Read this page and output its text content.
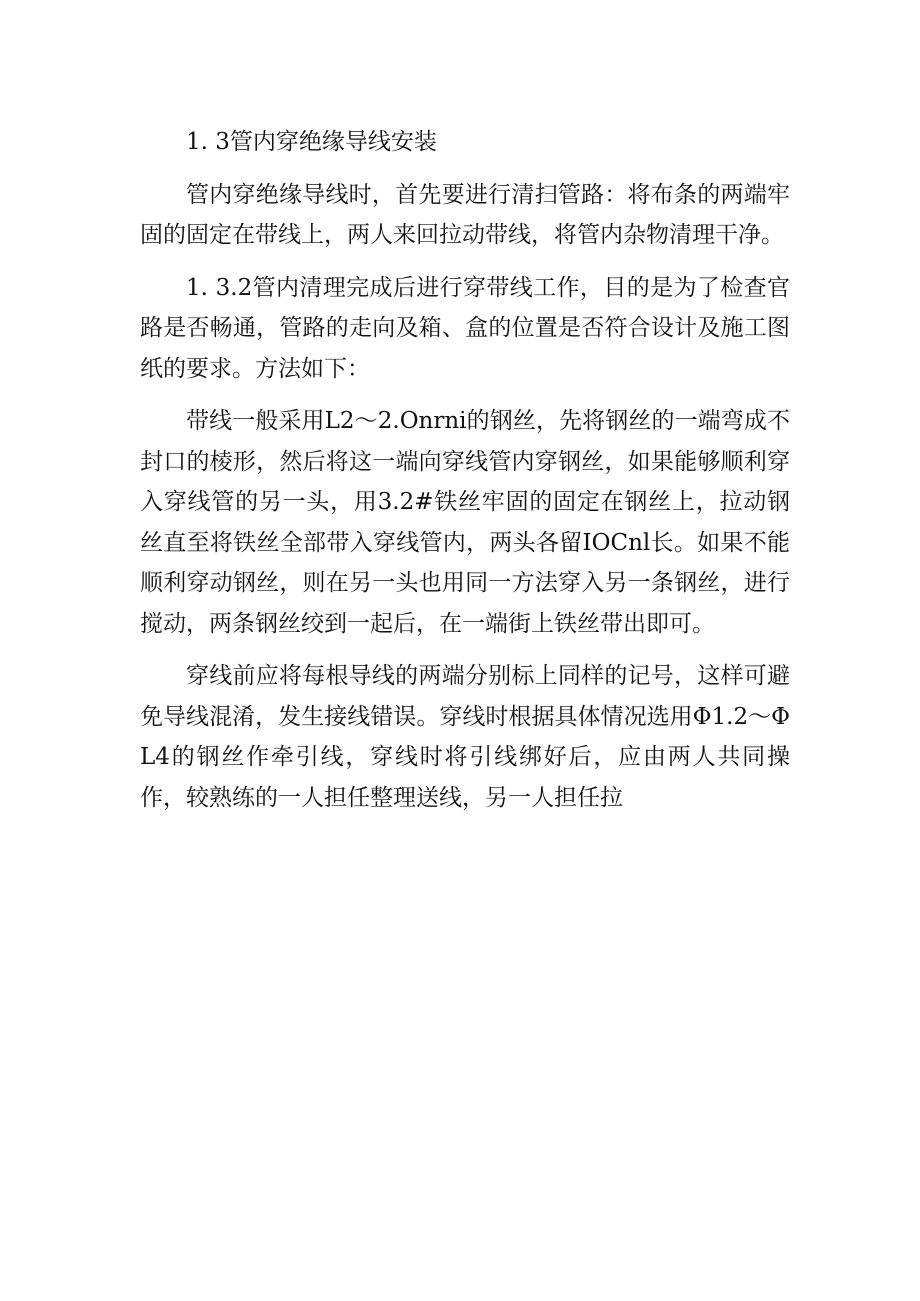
1. 3管内穿绝缘导线安装

管内穿绝缘导线时，首先要进行清扫管路：将布条的两端牢固的固定在带线上，两人来回拉动带线，将管内杂物清理干净。

1. 3.2管内清理完成后进行穿带线工作，目的是为了检查官路是否畅通，管路的走向及箱、盒的位置是否符合设计及施工图纸的要求。方法如下：

带线一般采用L2～2.Onrni的钢丝，先将钢丝的一端弯成不封口的棱形，然后将这一端向穿线管内穿钢丝，如果能够顺利穿入穿线管的另一头，用3.2#铁丝牢固的固定在钢丝上，拉动钢丝直至将铁丝全部带入穿线管内，两头各留IOCnl长。如果不能顺利穿动钢丝，则在另一头也用同一方法穿入另一条钢丝，进行搅动，两条钢丝绞到一起后，在一端街上铁丝带出即可。

穿线前应将每根导线的两端分别标上同样的记号，这样可避免导线混淆，发生接线错误。穿线时根据具体情况选用Φ1.2～ΦL4的钢丝作牵引线，穿线时将引线绑好后，应由两人共同操作，较熟练的一人担任整理送线，另一人担任拉
